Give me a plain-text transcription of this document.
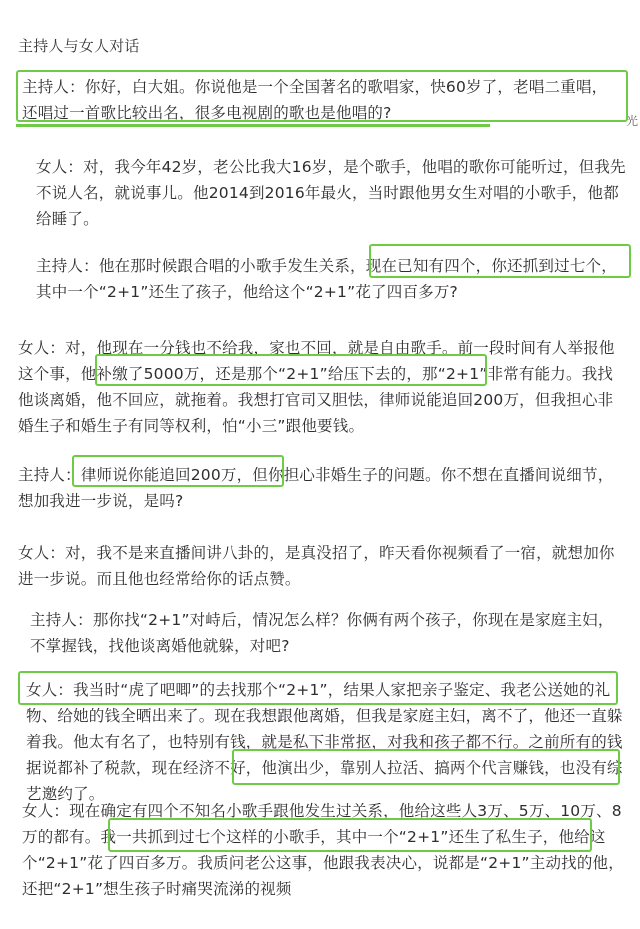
主持人与女人对话

主持人：你好，白大姐。你说他是一个全国著名的歌唱家，快60岁了，老唱二重唱，还唱过一首歌比较出名，很多电视剧的歌也是他唱的?

女人：对，我今年42岁，老公比我大16岁，是个歌手，他唱的歌你可能听过，但我先不说人名，就说事儿。他2014到2016年最火，当时跟他男女生对唱的小歌手，他都给睡了。

主持人：他在那时候跟合唱的小歌手发生关系，现在已知有四个，你还抓到过七个，其中一个“2+1”还生了孩子，他给这个“2+1”花了四百多万?

女人：对，他现在一分钱也不给我，家也不回，就是自由歌手。前一段时间有人举报他这个事，他补缴了5000万，还是那个“2+1”给压下去的，那“2+1”非常有能力。我找他谈离婚，他不回应，就拖着。我想打官司又胆怯，律师说能追回200万，但我担心非婚生子和婚生子有同等权利，怕“小三”跟他要钱。

主持人：律师说你能追回200万，但你担心非婚生子的问题。你不想在直播间说细节，想加我进一步说，是吗?

女人：对，我不是来直播间讲八卦的，是真没招了，昨天看你视频看了一宿，就想加你进一步说。而且他也经常给你的话点赞。

主持人：那你找“2+1”对峙后，情况怎么样？你俩有两个孩子，你现在是家庭主妇，不掌握钱，找他谈离婚他就躲，对吧?

女人：我当时“虎了吧唧”的去找那个“2+1”，结果人家把亲子鉴定、我老公送她的礼物、给她的钱全晒出来了。现在我想跟他离婚，但我是家庭主妇，离不了，他还一直躲着我。他太有名了，也特别有钱，就是私下非常抠，对我和孩子都不行。之前所有的钱据说都补了税款，现在经济不好，他演出少，靠别人拉活、搞两个代言赚钱，也没有综艺邀约了。

女人：现在确定有四个不知名小歌手跟他发生过关系，他给这些人3万、5万、10万、8万的都有。我一共抓到过七个这样的小歌手，其中一个“2+1”还生了私生子，他给这个“2+1”花了四百多万。我质问老公这事，他跟我表决心，说都是“2+1”主动找的他，还把“2+1”想生孩子时痛哭流涕的视频

光
